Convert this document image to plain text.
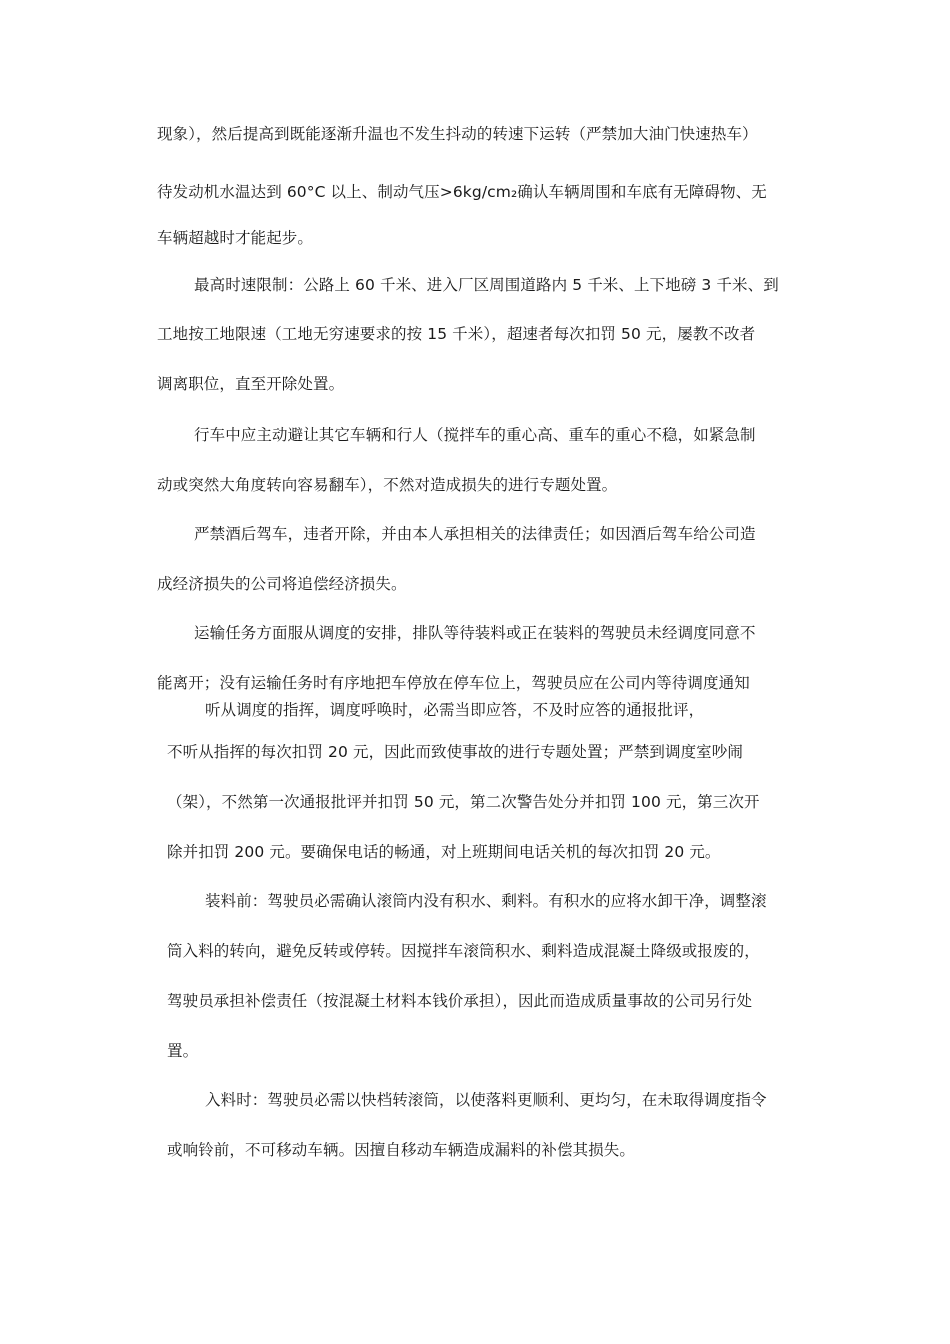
现象），然后提高到既能逐渐升温也不发生抖动的转速下运转（严禁加大油门快速热车）
待发动机水温达到 60°C 以上、制动气压>6kg/cm₂确认车辆周围和车底有无障碍物、无
车辆超越时才能起步。
最高时速限制：公路上 60 千米、进入厂区周围道路内 5 千米、上下地磅 3 千米、到
工地按工地限速（工地无穷速要求的按 15 千米），超速者每次扣罚 50 元，屡教不改者
调离职位，直至开除处置。
行车中应主动避让其它车辆和行人（搅拌车的重心高、重车的重心不稳，如紧急制
动或突然大角度转向容易翻车），不然对造成损失的进行专题处置。
严禁酒后驾车，违者开除，并由本人承担相关的法律责任；如因酒后驾车给公司造
成经济损失的公司将追偿经济损失。
运输任务方面服从调度的安排，排队等待装料或正在装料的驾驶员未经调度同意不
能离开；没有运输任务时有序地把车停放在停车位上，驾驶员应在公司内等待调度通知
听从调度的指挥，调度呼唤时，必需当即应答，不及时应答的通报批评，
不听从指挥的每次扣罚 20 元，因此而致使事故的进行专题处置；严禁到调度室吵闹
（架），不然第一次通报批评并扣罚 50 元，第二次警告处分并扣罚 100 元，第三次开
除并扣罚 200 元。要确保电话的畅通，对上班期间电话关机的每次扣罚 20 元。
装料前：驾驶员必需确认滚筒内没有积水、剩料。有积水的应将水卸干净，调整滚
筒入料的转向，避免反转或停转。因搅拌车滚筒积水、剩料造成混凝土降级或报废的，
驾驶员承担补偿责任（按混凝土材料本钱价承担），因此而造成质量事故的公司另行处
置。
入料时：驾驶员必需以快档转滚筒，以使落料更顺利、更均匀，在未取得调度指令
或响铃前，不可移动车辆。因擅自移动车辆造成漏料的补偿其损失。
